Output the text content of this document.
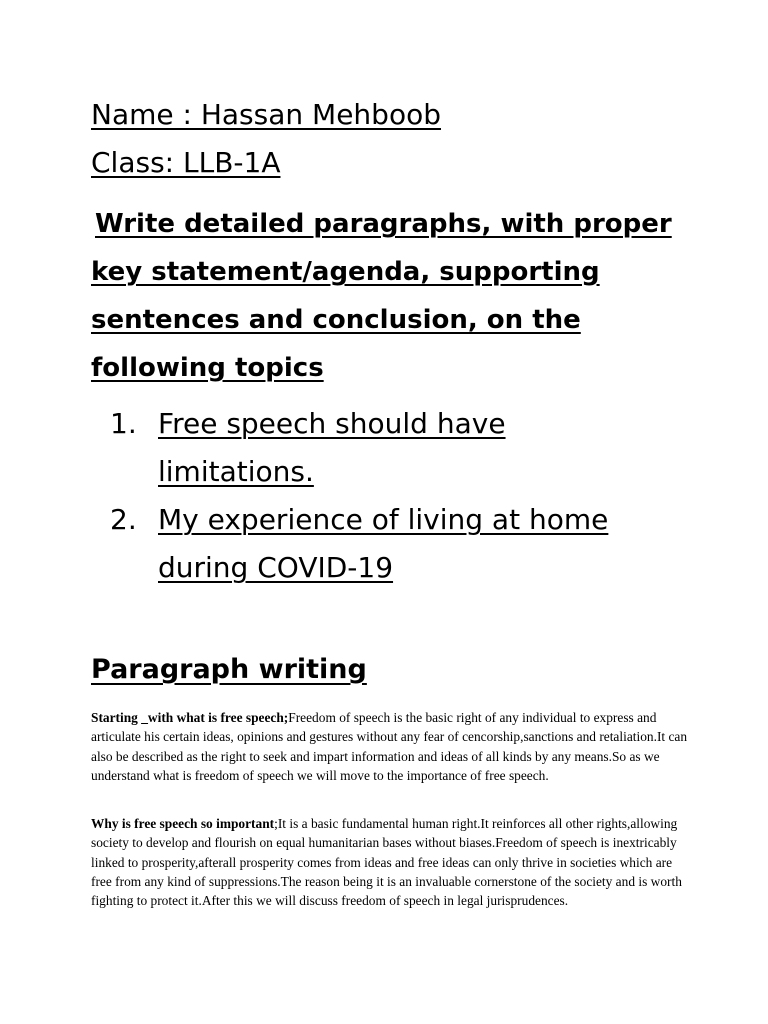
Name : Hassan Mehboob
Class: LLB-1A

Write detailed paragraphs, with proper
key statement/agenda, supporting
sentences and conclusion, on the
following topics

1. Free speech should have
limitations.
2. My experience of living at home
during COVID-19
Paragraph writing

Starting _with what is free speech;Freedom of speech is the basic right of any individual to express and articulate his certain ideas, opinions and gestures without any fear of cencorship,sanctions and retaliation.It can also be described as the right to seek and impart information and ideas of all kinds by any means.So as we understand what is freedom of speech we will move to the importance of free speech.

Why is free speech so important;It is a basic fundamental human right.It reinforces all other rights,allowing society to develop and flourish on equal humanitarian bases without biases.Freedom of speech is inextricably linked to prosperity,afterall prosperity comes from ideas and free ideas can only thrive in societies which are free from any kind of suppressions.The reason being it is an invaluable cornerstone of the society and is worth fighting to protect it.After this we will discuss freedom of speech in legal jurisprudences.
